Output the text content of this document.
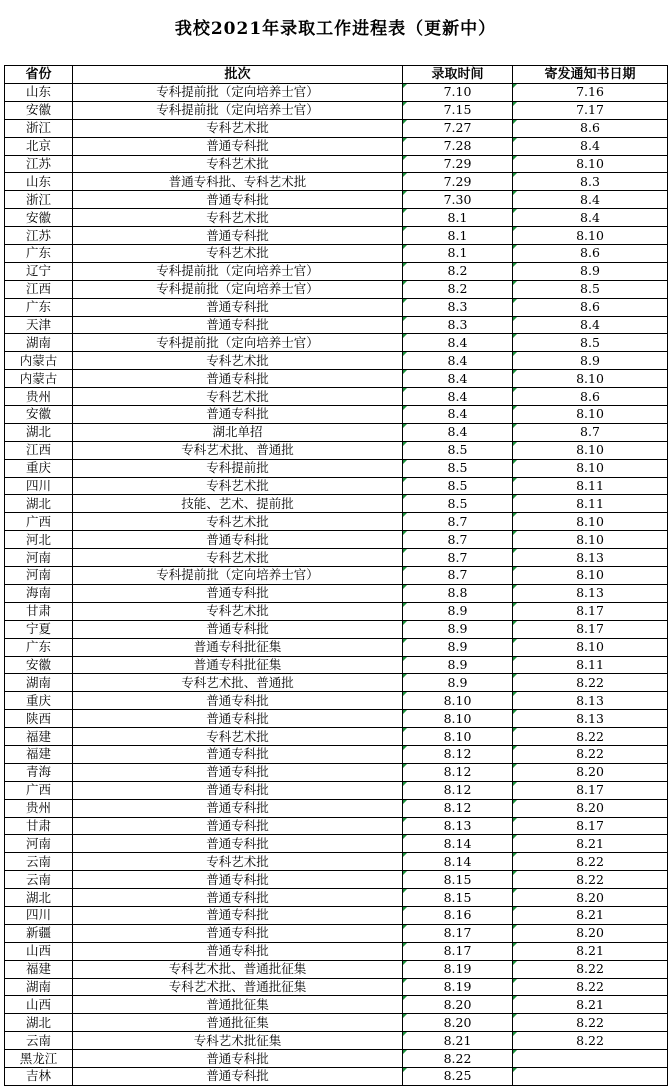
我校2021年录取工作进程表（更新中）
省份	批次	录取时间	寄发通知书日期
山东	专科提前批（定向培养士官）	7.10	7.16
安徽	专科提前批（定向培养士官）	7.15	7.17
浙江	专科艺术批	7.27	8.6
北京	普通专科批	7.28	8.4
江苏	专科艺术批	7.29	8.10
山东	普通专科批、专科艺术批	7.29	8.3
浙江	普通专科批	7.30	8.4
安徽	专科艺术批	8.1	8.4
江苏	普通专科批	8.1	8.10
广东	专科艺术批	8.1	8.6
辽宁	专科提前批（定向培养士官）	8.2	8.9
江西	专科提前批（定向培养士官）	8.2	8.5
广东	普通专科批	8.3	8.6
天津	普通专科批	8.3	8.4
湖南	专科提前批（定向培养士官）	8.4	8.5
内蒙古	专科艺术批	8.4	8.9
内蒙古	普通专科批	8.4	8.10
贵州	专科艺术批	8.4	8.6
安徽	普通专科批	8.4	8.10
湖北	湖北单招	8.4	8.7
江西	专科艺术批、普通批	8.5	8.10
重庆	专科提前批	8.5	8.10
四川	专科艺术批	8.5	8.11
湖北	技能、艺术、提前批	8.5	8.11
广西	专科艺术批	8.7	8.10
河北	普通专科批	8.7	8.10
河南	专科艺术批	8.7	8.13
河南	专科提前批（定向培养士官）	8.7	8.10
海南	普通专科批	8.8	8.13
甘肃	专科艺术批	8.9	8.17
宁夏	普通专科批	8.9	8.17
广东	普通专科批征集	8.9	8.10
安徽	普通专科批征集	8.9	8.11
湖南	专科艺术批、普通批	8.9	8.22
重庆	普通专科批	8.10	8.13
陕西	普通专科批	8.10	8.13
福建	专科艺术批	8.10	8.22
福建	普通专科批	8.12	8.22
青海	普通专科批	8.12	8.20
广西	普通专科批	8.12	8.17
贵州	普通专科批	8.12	8.20
甘肃	普通专科批	8.13	8.17
河南	普通专科批	8.14	8.21
云南	专科艺术批	8.14	8.22
云南	普通专科批	8.15	8.22
湖北	普通专科批	8.15	8.20
四川	普通专科批	8.16	8.21
新疆	普通专科批	8.17	8.20
山西	普通专科批	8.17	8.21
福建	专科艺术批、普通批征集	8.19	8.22
湖南	专科艺术批、普通批征集	8.19	8.22
山西	普通批征集	8.20	8.21
湖北	普通批征集	8.20	8.22
云南	专科艺术批征集	8.21	8.22
黑龙江	普通专科批	8.22	
吉林	普通专科批	8.25	
